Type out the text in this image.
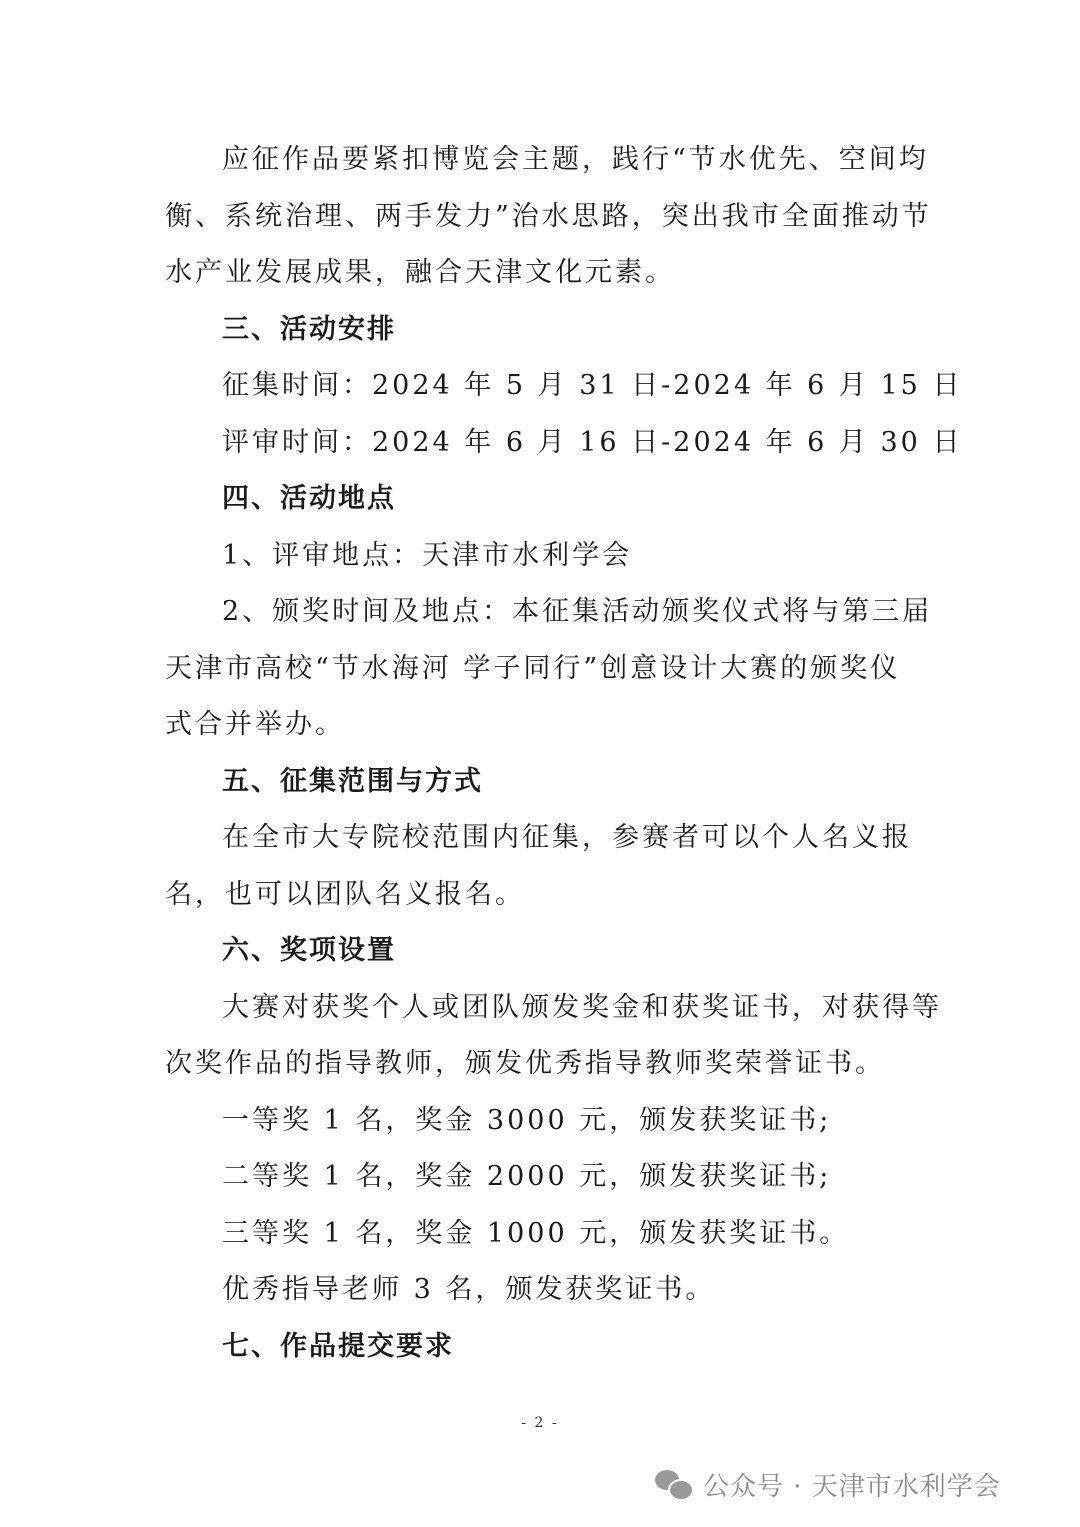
应征作品要紧扣博览会主题，践行“节水优先、空间均
衡、系统治理、两手发力”治水思路，突出我市全面推动节
水产业发展成果，融合天津文化元素。
三、活动安排
征集时间：2024 年 5 月 31 日-2024 年 6 月 15 日
评审时间：2024 年 6 月 16 日-2024 年 6 月 30 日
四、活动地点
1、评审地点：天津市水利学会
2、颁奖时间及地点：本征集活动颁奖仪式将与第三届
天津市高校“节水海河 学子同行”创意设计大赛的颁奖仪
式合并举办。
五、征集范围与方式
在全市大专院校范围内征集，参赛者可以个人名义报
名，也可以团队名义报名。
六、奖项设置
大赛对获奖个人或团队颁发奖金和获奖证书，对获得等
次奖作品的指导教师，颁发优秀指导教师奖荣誉证书。
一等奖 1 名，奖金 3000 元，颁发获奖证书;
二等奖 1 名，奖金 2000 元，颁发获奖证书;
三等奖 1 名，奖金 1000 元，颁发获奖证书。
优秀指导老师 3 名，颁发获奖证书。
七、作品提交要求
- 2 -
公众号 · 天津市水利学会
